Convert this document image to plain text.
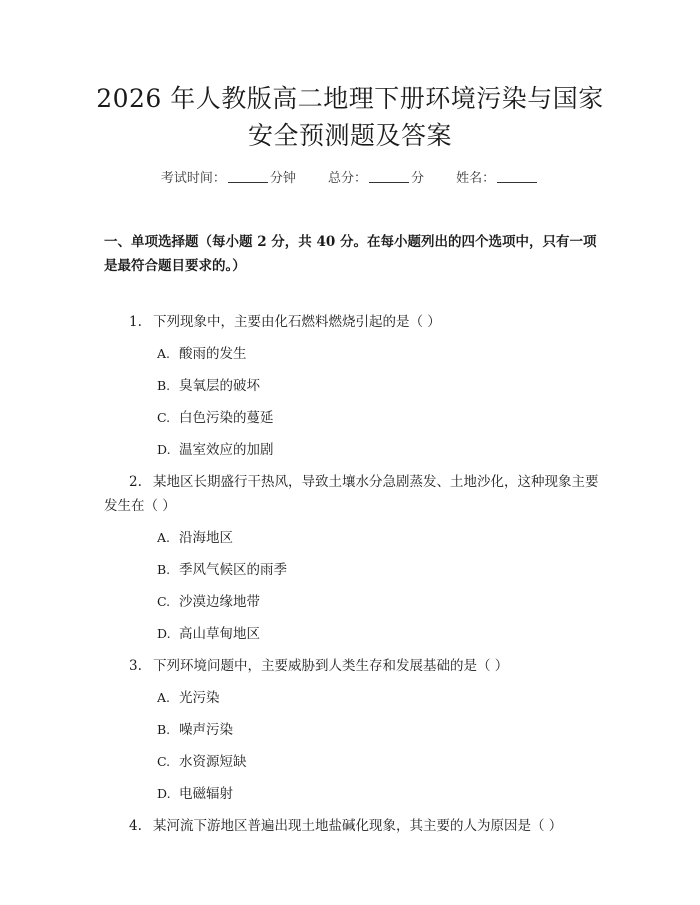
2026 年人教版高二地理下册环境污染与国家
安全预测题及答案
考试时间：	分钟 总分：	分 姓名：
一、单项选择题（每小题 2 分，共 40 分。在每小题列出的四个选项中，只有一项是最符合题目要求的。）
1. 下列现象中，主要由化石燃料燃烧引起的是（ ）
A. 酸雨的发生
B. 臭氧层的破坏
C. 白色污染的蔓延
D. 温室效应的加剧
2. 某地区长期盛行干热风，导致土壤水分急剧蒸发、土地沙化，这种现象主要发生在（ ）
A. 沿海地区
B. 季风气候区的雨季
C. 沙漠边缘地带
D. 高山草甸地区
3. 下列环境问题中，主要威胁到人类生存和发展基础的是（ ）
A. 光污染
B. 噪声污染
C. 水资源短缺
D. 电磁辐射
4. 某河流下游地区普遍出现土地盐碱化现象，其主要的人为原因是（ ）
